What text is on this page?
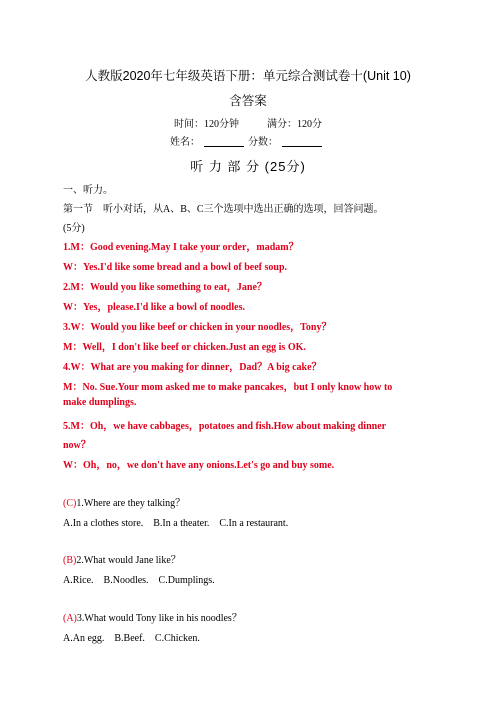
人教版2020年七年级英语下册：单元综合测试卷十(Unit 10)
含答案
时间：120分钟	满分：120分
姓名：	分数：
听 力 部 分 (25分)
一、听力。
第一节　听小对话，从A、B、C三个选项中选出正确的选项，回答问题。
(5分)
1.M：Good evening.May I take your order，madam？
W：Yes.I'd like some bread and a bowl of beef soup.
2.M：Would you like something to eat，Jane？
W：Yes，please.I'd like a bowl of noodles.
3.W：Would you like beef or chicken in your noodles，Tony？
M：Well，I don't like beef or chicken.Just an egg is OK.
4.W：What are you making for dinner，Dad？A big cake？
M：No. Sue.Your mom asked me to make pancakes，but I only know how to
make dumplings.
5.M：Oh，we have cabbages，potatoes and fish.How about making dinner
now？
W：Oh，no，we don't have any onions.Let's go and buy some.
(C)1.Where are they talking？
A.In a clothes store.　B.In a theater.　C.In a restaurant.
(B)2.What would Jane like？
A.Rice.　B.Noodles.　C.Dumplings.
(A)3.What would Tony like in his noodles？
A.An egg.　B.Beef.　C.Chicken.
